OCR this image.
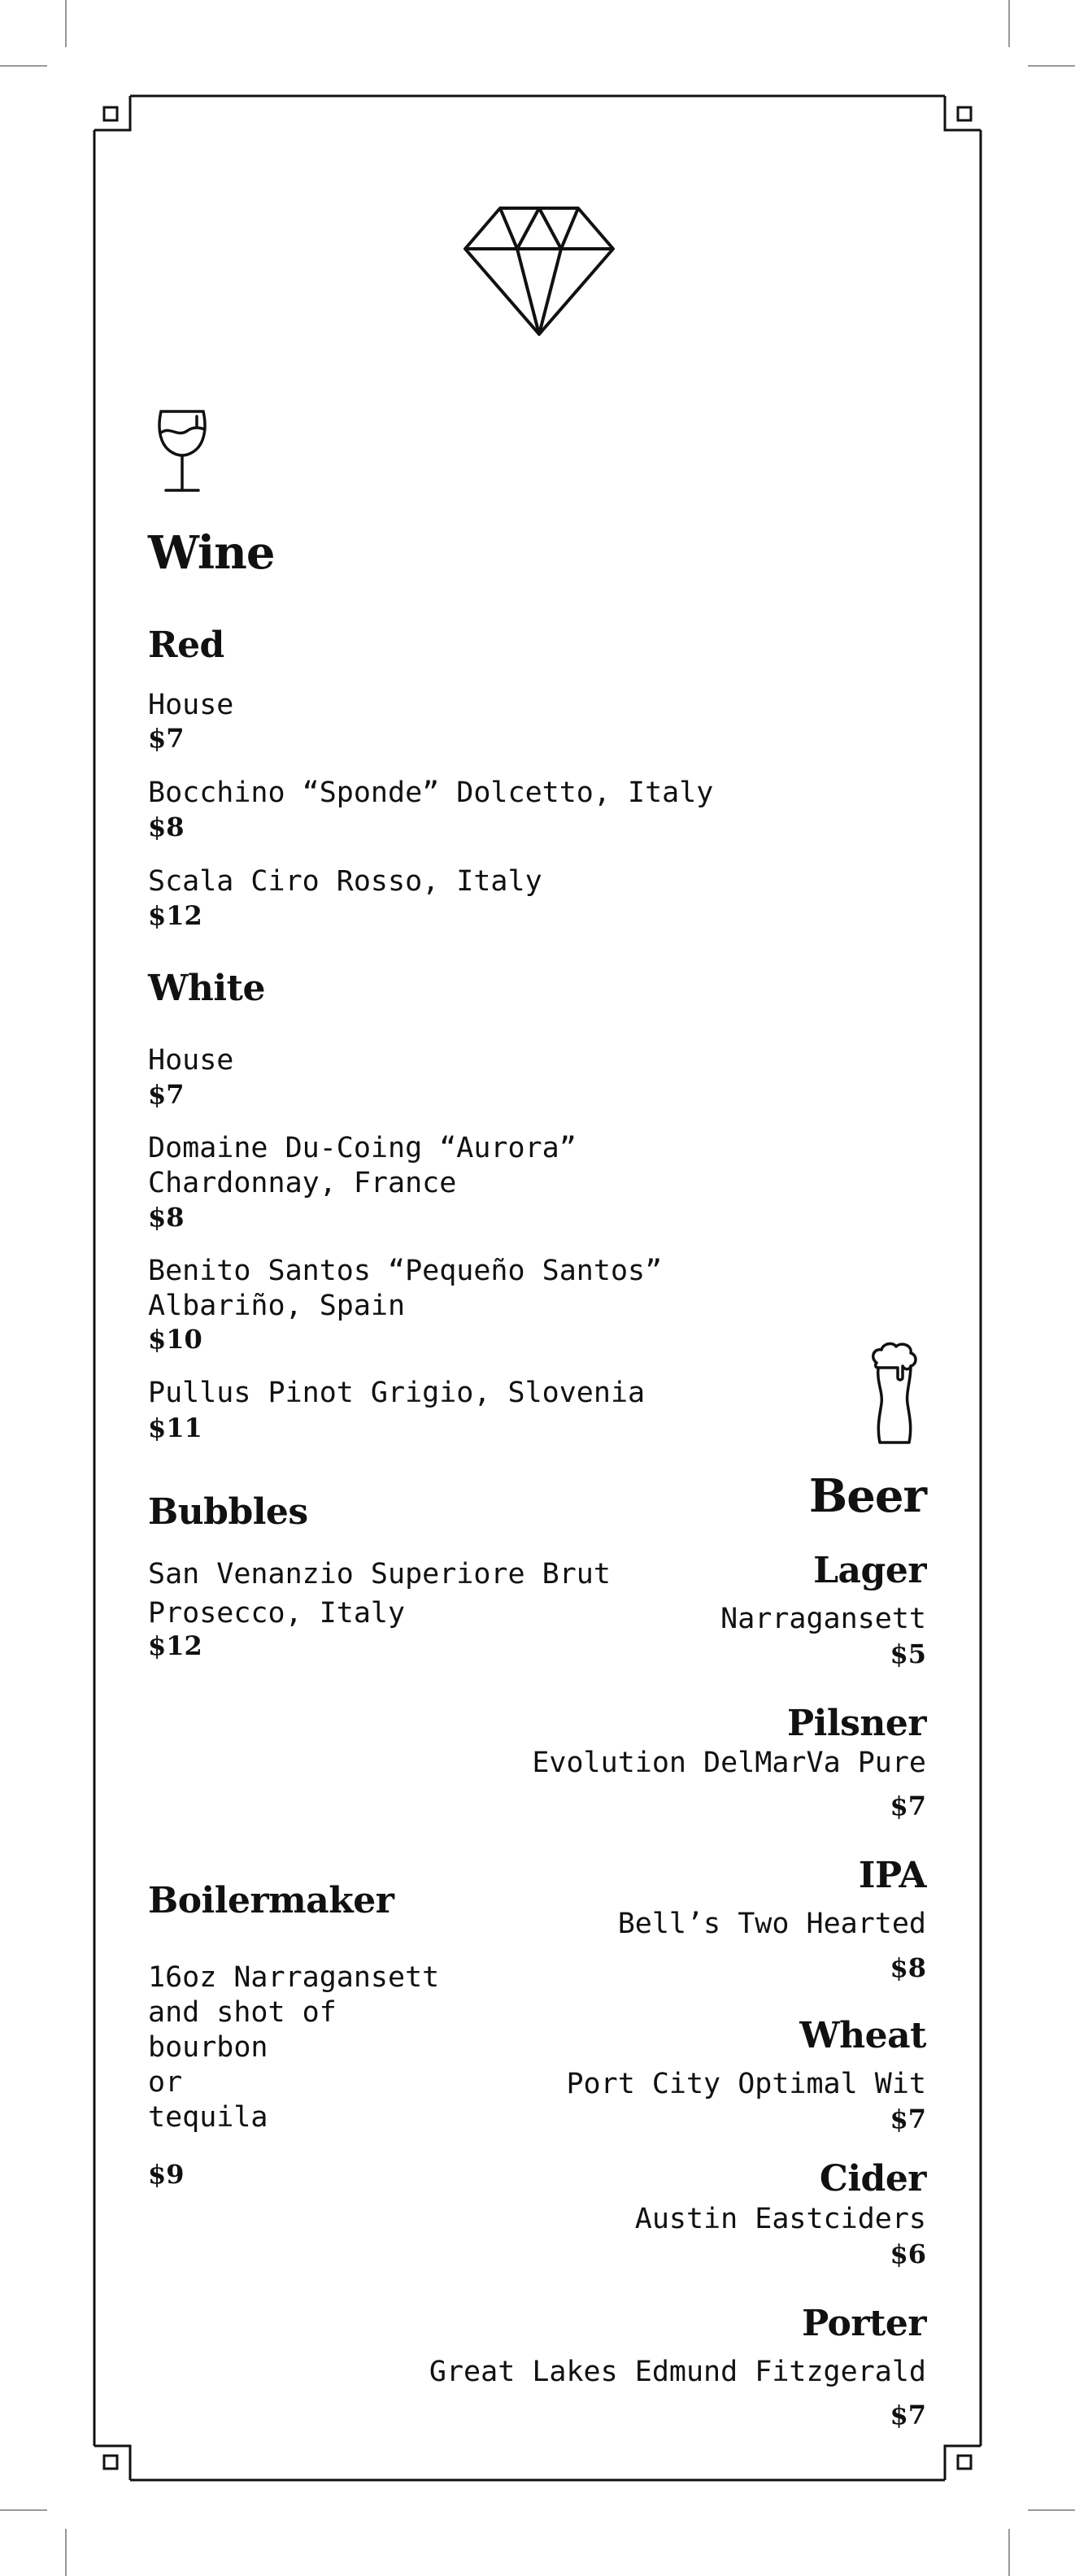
Wine
Red
House
$7
Bocchino “Sponde” Dolcetto, Italy
$8
Scala Ciro Rosso, Italy
$12
White
House
$7
Domaine Du-Coing “Aurora”
Chardonnay, France
$8
Benito Santos “Pequeño Santos”
Albariño, Spain
$10
Pullus Pinot Grigio, Slovenia
$11
Bubbles
San Venanzio Superiore Brut
Prosecco, Italy
$12
Boilermaker
16oz Narragansett
and shot of
bourbon
or
tequila
$9
Beer
Lager
Narragansett
$5
Pilsner
Evolution DelMarVa Pure
$7
IPA
Bell’s Two Hearted
$8
Wheat
Port City Optimal Wit
$7
Cider
Austin Eastciders
$6
Porter
Great Lakes Edmund Fitzgerald
$7
